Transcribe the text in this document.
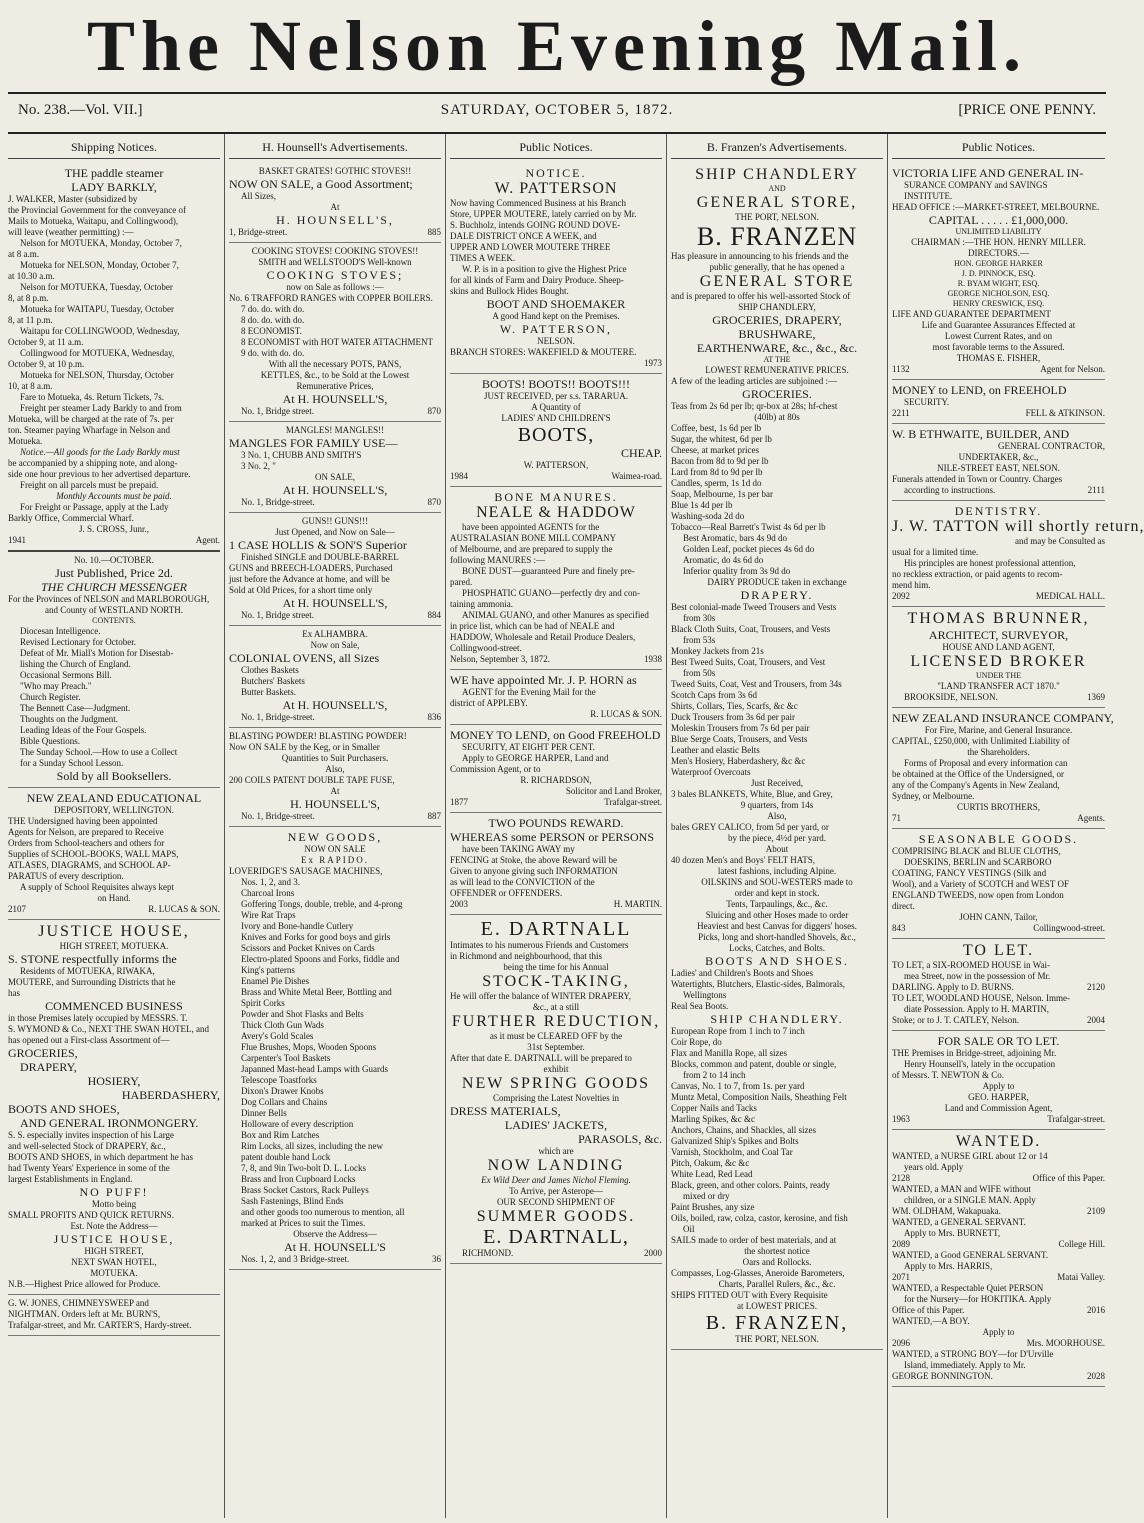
The Nelson Evening Mail.
No. 238.—Vol. VII.]	SATURDAY, OCTOBER 5, 1872.	[PRICE ONE PENNY.
Shipping Notices.
THE paddle steamer
LADY BARKLY,
J. WALKER, Master (subsidized by
the Provincial Government for the conveyance of
Mails to Motueka, Waitapu, and Collingwood),
will leave (weather permitting) :—
Nelson for MOTUEKA, Monday, October 7,
at 8 a.m.
Motueka for NELSON, Monday, October 7,
at 10.30 a.m.
Nelson for MOTUEKA, Tuesday, October
8, at 8 p.m.
Motueka for WAITAPU, Tuesday, October
8, at 11 p.m.
Waitapu for COLLINGWOOD, Wednesday,
October 9, at 11 a.m.
Collingwood for MOTUEKA, Wednesday,
October 9, at 10 p.m.
Motueka for NELSON, Thursday, October
10, at 8 a.m.
Fare to Motueka, 4s. Return Tickets, 7s.
Freight per steamer Lady Barkly to and from
Motueka, will be charged at the rate of 7s. per
ton. Steamer paying Wharfage in Nelson and
Motueka.
Notice.—All goods for the Lady Barkly must
be accompanied by a shipping note, and along-
side one hour previous to her advertised departure.
Freight on all parcels must be prepaid.
Monthly Accounts must be paid.
For Freight or Passage, apply at the Lady
Barkly Office, Commercial Wharf.
J. S. CROSS, Junr.,
1941	Agent.
No. 10.—OCTOBER.
Just Published, Price 2d.
THE CHURCH MESSENGER
For the Provinces of NELSON and MARLBOROUGH,
and County of WESTLAND NORTH.
CONTENTS.
Diocesan Intelligence.
Revised Lectionary for October.
Defeat of Mr. Miall's Motion for Disestab-
lishing the Church of England.
Occasional Sermons Bill.
"Who may Preach."
Church Register.
The Bennett Case—Judgment.
Thoughts on the Judgment.
Leading Ideas of the Four Gospels.
Bible Questions.
The Sunday School.—How to use a Collect
for a Sunday School Lesson.
Sold by all Booksellers.
NEW ZEALAND EDUCATIONAL
DEPOSITORY, WELLINGTON.
THE Undersigned having been appointed
Agents for Nelson, are prepared to Receive
Orders from School-teachers and others for
Supplies of SCHOOL-BOOKS, WALL MAPS,
ATLASES, DIAGRAMS, and SCHOOL AP-
PARATUS of every description.
A supply of School Requisites always kept
on Hand.
2107	R. LUCAS & SON.
JUSTICE HOUSE,
HIGH STREET, MOTUEKA.
S. STONE respectfully informs the
Residents of MOTUEKA, RIWAKA,
MOUTERE, and Surrounding Districts that he
has
COMMENCED BUSINESS
in those Premises lately occupied by MESSRS. T.
S. WYMOND & Co., NEXT THE SWAN HOTEL, and
has opened out a First-class Assortment of—
GROCERIES,
DRAPERY,
HOSIERY,
HABERDASHERY,
BOOTS AND SHOES,
AND GENERAL IRONMONGERY.
S. S. especially invites inspection of his Large
and well-selected Stock of DRAPERY, &c.,
BOOTS AND SHOES, in which department he has
had Twenty Years' Experience in some of the
largest Establishments in England.
NO PUFF!
Motto being
SMALL PROFITS AND QUICK RETURNS.
Est. Note the Address—
JUSTICE HOUSE,
HIGH STREET,
NEXT SWAN HOTEL,
MOTUEKA.
N.B.—Highest Price allowed for Produce.
G. W. JONES, CHIMNEYSWEEP and
NIGHTMAN. Orders left at Mr. BURN'S,
Trafalgar-street, and Mr. CARTER'S, Hardy-street.
H. Hounsell's Advertisements.
BASKET GRATES! GOTHIC STOVES!!
NOW ON SALE, a Good Assortment;
All Sizes,
At
H. HOUNSELL'S,
1, Bridge-street.	885
COOKING STOVES! COOKING STOVES!!
SMITH and WELLSTOOD'S Well-known
COOKING STOVES;
now on Sale as follows :—
No. 6 TRAFFORD RANGES with COPPER BOILERS.
7 do. do. with do.
8 do. do. with do.
8 ECONOMIST.
8 ECONOMIST with HOT WATER ATTACHMENT
9 do. with do. do.
With all the necessary POTS, PANS,
KETTLES, &c., to be Sold at the Lowest
Remunerative Prices,
At H. HOUNSELL'S,
No. 1, Bridge street.	870
MANGLES! MANGLES!!
MANGLES FOR FAMILY USE—
3 No. 1, CHUBB AND SMITH'S
3 No. 2, "
ON SALE,
At H. HOUNSELL'S,
No. 1, Bridge-street.	870
GUNS!! GUNS!!!
Just Opened, and Now on Sale—
1 CASE HOLLIS & SON'S Superior
Finished SINGLE and DOUBLE-BARREL
GUNS and BREECH-LOADERS, Purchased
just before the Advance at home, and will be
Sold at Old Prices, for a short time only
At H. HOUNSELL'S,
No. 1, Bridge street.	884
Ex ALHAMBRA.
Now on Sale,
COLONIAL OVENS, all Sizes
Clothes Baskets
Butchers' Baskets
Butter Baskets.
At H. HOUNSELL'S,
No. 1, Bridge-street.	836
BLASTING POWDER! BLASTING POWDER!
Now ON SALE by the Keg, or in Smaller
Quantities to Suit Purchasers.
Also,
200 COILS PATENT DOUBLE TAPE FUSE,
At
H. HOUNSELL'S,
No. 1, Bridge-street.	887
NEW GOODS,
NOW ON SALE
Ex RAPIDO.
LOVERIDGE'S SAUSAGE MACHINES,
Nos. 1, 2, and 3.
Charcoal Irons
Goffering Tongs, double, treble, and 4-prong
Wire Rat Traps
Ivory and Bone-handle Cutlery
Knives and Forks for good boys and girls
Scissors and Pocket Knives on Cards
Electro-plated Spoons and Forks, fiddle and
King's patterns
Enamel Pie Dishes
Brass and White Metal Beer, Bottling and
Spirit Corks
Powder and Shot Flasks and Belts
Thick Cloth Gun Wads
Avery's Gold Scales
Flue Brushes, Mops, Wooden Spoons
Carpenter's Tool Baskets
Japanned Mast-head Lamps with Guards
Telescope Toastforks
Dixon's Drawer Knobs
Dog Collars and Chains
Dinner Bells
Holloware of every description
Box and Rim Latches
Rim Locks, all sizes, including the new
patent double hand Lock
7, 8, and 9in Two-bolt D. L. Locks
Brass and Iron Cupboard Locks
Brass Socket Castors, Rack Pulleys
Sash Fastenings, Blind Ends
and other goods too numerous to mention, all
marked at Prices to suit the Times.
Observe the Address—
At H. HOUNSELL'S
Nos. 1, 2, and 3 Bridge-street.	36
Public Notices.
NOTICE.
W. PATTERSON
Now having Commenced Business at his Branch
Store, UPPER MOUTERE, lately carried on by Mr.
S. Buchholz, intends GOING ROUND DOVE-
DALE DISTRICT ONCE A WEEK, and
UPPER AND LOWER MOUTERE THREE
TIMES A WEEK.
W. P. is in a position to give the Highest Price
for all kinds of Farm and Dairy Produce. Sheep-
skins and Bullock Hides Bought.
BOOT AND SHOEMAKER
A good Hand kept on the Premises.
W. PATTERSON,
NELSON.
BRANCH STORES: WAKEFIELD & MOUTERE.
1973
BOOTS! BOOTS!! BOOTS!!!
JUST RECEIVED, per s.s. TARARUA.
A Quantity of
LADIES' AND CHILDREN'S
BOOTS,
CHEAP.
W. PATTERSON,
1984	Waimea-road.
BONE MANURES.
NEALE & HADDOW
have been appointed AGENTS for the
AUSTRALASIAN BONE MILL COMPANY
of Melbourne, and are prepared to supply the
following MANURES :—
BONE DUST—guaranteed Pure and finely pre-
pared.
PHOSPHATIC GUANO—perfectly dry and con-
taining ammonia.
ANIMAL GUANO, and other Manures as specified
in price list, which can be had of NEALE and
HADDOW, Wholesale and Retail Produce Dealers,
Collingwood-street.
Nelson, September 3, 1872.	1938
WE have appointed Mr. J. P. HORN as
AGENT for the Evening Mail for the
district of APPLEBY.
R. LUCAS & SON.
MONEY TO LEND, on Good FREEHOLD
SECURITY, AT EIGHT PER CENT.
Apply to GEORGE HARPER, Land and
Commission Agent, or to
R. RICHARDSON,
Solicitor and Land Broker,
1877	Trafalgar-street.
TWO POUNDS REWARD.
WHEREAS some PERSON or PERSONS
have been TAKING AWAY my
FENCING at Stoke, the above Reward will be
Given to anyone giving such INFORMATION
as will lead to the CONVICTION of the
OFFENDER or OFFENDERS.
2003	H. MARTIN.
E. DARTNALL
Intimates to his numerous Friends and Customers
in Richmond and neighbourhood, that this
being the time for his Annual
STOCK-TAKING,
He will offer the balance of WINTER DRAPERY,
&c., at a still
FURTHER REDUCTION,
as it must be CLEARED OFF by the
31st September.
After that date E. DARTNALL will be prepared to
exhibit
NEW SPRING GOODS
Comprising the Latest Novelties in
DRESS MATERIALS,
LADIES' JACKETS,
PARASOLS, &c.
which are
NOW LANDING
Ex Wild Deer and James Nichol Fleming.
To Arrive, per Asterope—
OUR SECOND SHIPMENT OF
SUMMER GOODS.
E. DARTNALL,
RICHMOND.	2000
B. Franzen's Advertisements.
SHIP CHANDLERY
AND
GENERAL STORE,
THE PORT, NELSON.
B. FRANZEN
Has pleasure in announcing to his friends and the
public generally, that he has opened a
GENERAL STORE
and is prepared to offer his well-assorted Stock of
SHIP CHANDLERY,
GROCERIES, DRAPERY,
BRUSHWARE,
EARTHENWARE, &c., &c., &c.
AT THE
LOWEST REMUNERATIVE PRICES.
A few of the leading articles are subjoined :—
GROCERIES.
Teas from 2s 6d per lb; qr-box at 28s; hf-chest
(40lb) at 80s
Coffee, best, 1s 6d per lb
Sugar, the whitest, 6d per lb
Cheese, at market prices
Bacon from 8d to 9d per lb
Lard from 8d to 9d per lb
Candles, sperm, 1s 1d do
Soap, Melbourne, 1s per bar
Blue 1s 4d per lb
Washing-soda 2d do
Tobacco—Real Barrett's Twist 4s 6d per lb
Best Aromatic, bars 4s 9d do
Golden Leaf, pocket pieces 4s 6d do
Aromatic, do 4s 6d do
Inferior quality from 3s 9d do
DAIRY PRODUCE taken in exchange
DRAPERY.
Best colonial-made Tweed Trousers and Vests
from 30s
Black Cloth Suits, Coat, Trousers, and Vests
from 53s
Monkey Jackets from 21s
Best Tweed Suits, Coat, Trousers, and Vest
from 50s
Tweed Suits, Coat, Vest and Trousers, from 34s
Scotch Caps from 3s 6d
Shirts, Collars, Ties, Scarfs, &c &c
Duck Trousers from 3s 6d per pair
Moleskin Trousers from 7s 6d per pair
Blue Serge Coats, Trousers, and Vests
Leather and elastic Belts
Men's Hosiery, Haberdashery, &c &c
Waterproof Overcoats
Just Received,
3 bales BLANKETS, White, Blue, and Grey,
9 quarters, from 14s
Also,
bales GREY CALICO, from 5d per yard, or
by the piece, 4½d per yard.
About
40 dozen Men's and Boys' FELT HATS,
latest fashions, including Alpine.
OILSKINS and SOU-WESTERS made to
order and kept in stock.
Tents, Tarpaulings, &c., &c.
Sluicing and other Hoses made to order
Heaviest and best Canvas for diggers' hoses.
Picks, long and short-handled Shovels, &c.,
Locks, Catches, and Bolts.
BOOTS AND SHOES.
Ladies' and Children's Boots and Shoes
Watertights, Blutchers, Elastic-sides, Balmorals,
Wellingtons
Real Sea Boots.
SHIP CHANDLERY.
European Rope from 1 inch to 7 inch
Coir Rope, do
Flax and Manilla Rope, all sizes
Blocks, common and patent, double or single,
from 2 to 14 inch
Canvas, No. 1 to 7, from 1s. per yard
Muntz Metal, Composition Nails, Sheathing Felt
Copper Nails and Tacks
Marling Spikes, &c &c
Anchors, Chains, and Shackles, all sizes
Galvanized Ship's Spikes and Bolts
Varnish, Stockholm, and Coal Tar
Pitch, Oakum, &c &c
White Lead, Red Lead
Black, green, and other colors. Paints, ready
mixed or dry
Paint Brushes, any size
Oils, boiled, raw, colza, castor, kerosine, and fish
Oil
SAILS made to order of best materials, and at
the shortest notice
Oars and Rollocks.
Compasses, Log-Glasses, Aneroide Barometers,
Charts, Parallel Rulers, &c., &c.
SHIPS FITTED OUT with Every Requisite
at LOWEST PRICES.
B. FRANZEN,
THE PORT, NELSON.
Public Notices.
VICTORIA LIFE AND GENERAL IN-
SURANCE COMPANY and SAVINGS
INSTITUTE.
HEAD OFFICE :—MARKET-STREET, MELBOURNE.
CAPITAL . . . . . £1,000,000.
UNLIMITED LIABILITY
CHAIRMAN :—THE HON. HENRY MILLER.
DIRECTORS.—
HON. GEORGE HARKER
J. D. PINNOCK, ESQ.
R. BYAM WIGHT, ESQ.
GEORGE NICHOLSON, ESQ.
HENRY CRESWICK, ESQ.
LIFE AND GUARANTEE DEPARTMENT
Life and Guarantee Assurances Effected at
Lowest Current Rates, and on
most favorable terms to the Assured.
THOMAS E. FISHER,
1132	Agent for Nelson.
MONEY to LEND, on FREEHOLD
SECURITY.
2211	FELL & ATKINSON.
W. B ETHWAITE, BUILDER, AND
GENERAL CONTRACTOR,
UNDERTAKER, &c.,
NILE-STREET EAST, NELSON.
Funerals attended in Town or Country. Charges
according to instructions.	2111
DENTISTRY.
J. W. TATTON will shortly return,
and may be Consulted as
usual for a limited time.
His principles are honest professional attention,
no reckless extraction, or paid agents to recom-
mend him.
2092	MEDICAL HALL.
THOMAS BRUNNER,
ARCHITECT, SURVEYOR,
HOUSE AND LAND AGENT,
LICENSED BROKER
UNDER THE
"LAND TRANSFER ACT 1870."
BROOKSIDE, NELSON.	1369
NEW ZEALAND INSURANCE COMPANY,
For Fire, Marine, and General Insurance.
CAPITAL, £250,000, with Unlimited Liability of
the Shareholders.
Forms of Proposal and every information can
be obtained at the Office of the Undersigned, or
any of the Company's Agents in New Zealand,
Sydney, or Melbourne.
CURTIS BROTHERS,
71	Agents.
SEASONABLE GOODS.
COMPRISING BLACK and BLUE CLOTHS,
DOESKINS, BERLIN and SCARBORO
COATING, FANCY VESTINGS (Silk and
Wool), and a Variety of SCOTCH and WEST OF
ENGLAND TWEEDS, now open from London
direct.
JOHN CANN, Tailor,
843	Collingwood-street.
TO LET.
TO LET, a SIX-ROOMED HOUSE in Wai-
mea Street, now in the possession of Mr.
DARLING. Apply to D. BURNS.	2120
TO LET, WOODLAND HOUSE, Nelson. Imme-
diate Possession. Apply to H. MARTIN,
Stoke; or to J. T. CATLEY, Nelson.	2004
FOR SALE OR TO LET.
THE Premises in Bridge-street, adjoining Mr.
Henry Hounsell's, lately in the occupation
of Messrs. T. NEWTON & Co.
Apply to
GEO. HARPER,
Land and Commission Agent,
1963	Trafalgar-street.
WANTED.
WANTED, a NURSE GIRL about 12 or 14
years old. Apply
2128	Office of this Paper.
WANTED, a MAN and WIFE without
children, or a SINGLE MAN. Apply
WM. OLDHAM, Wakapuaka.	2109
WANTED, a GENERAL SERVANT.
Apply to Mrs. BURNETT,
2089	College Hill.
WANTED, a Good GENERAL SERVANT.
Apply to Mrs. HARRIS,
2071	Matai Valley.
WANTED, a Respectable Quiet PERSON
for the Nursery—for HOKITIKA. Apply
Office of this Paper.	2016
WANTED,—A BOY.
Apply to
2096	Mrs. MOORHOUSE.
WANTED, a STRONG BOY—for D'Urville
Island, immediately. Apply to Mr.
GEORGE BONNINGTON.	2028
